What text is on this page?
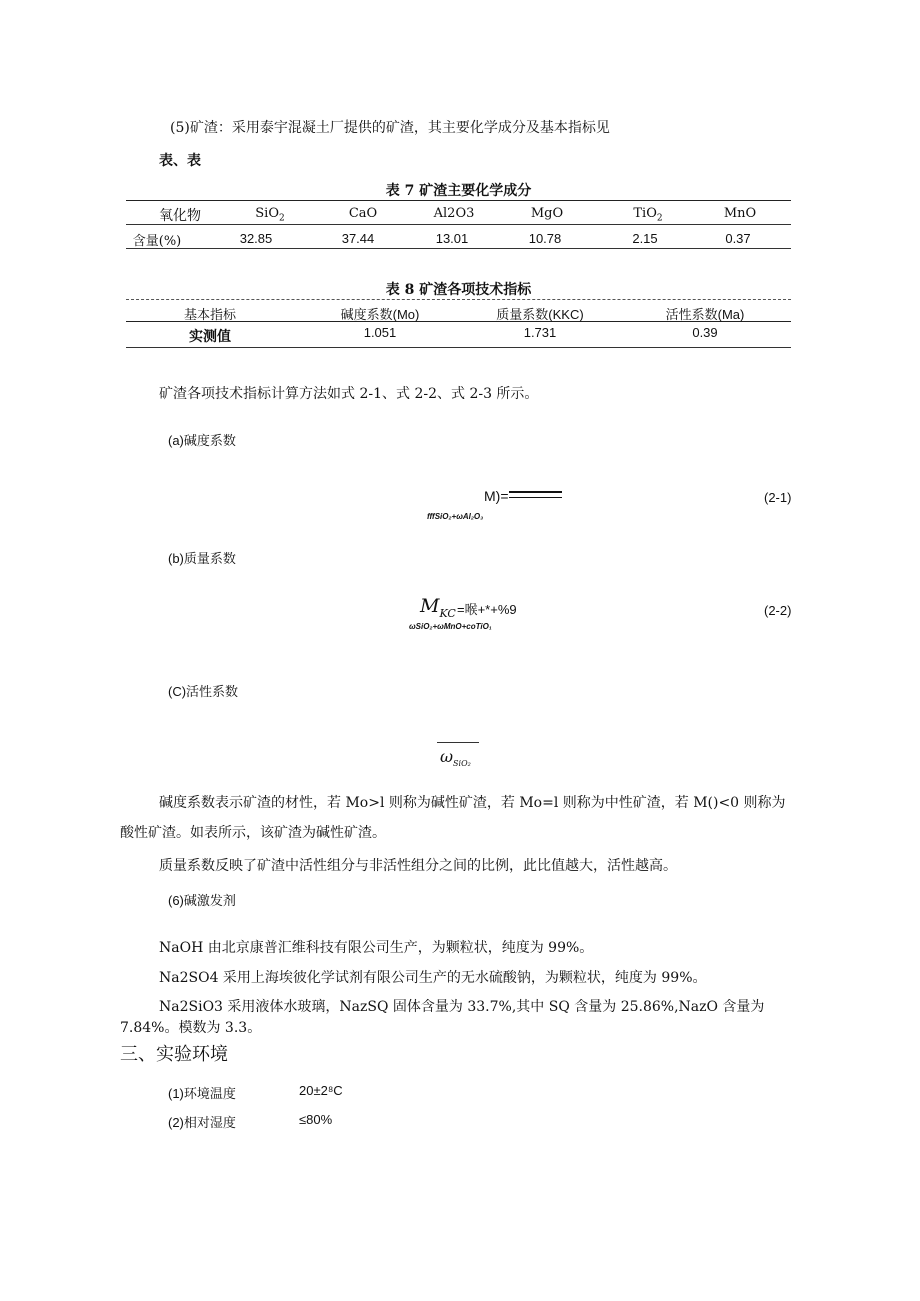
(5)矿渣：采用泰宇混凝土厂提供的矿渣，其主要化学成分及基本指标见
表、表
表 7 矿渣主要化学成分
氧化物	SiO$_2$	CaO	Al2O3	MgO	TiO$_2$	MnO
含量(%)	32.85	37.44	13.01	10.78	2.15	0.37
表 8 矿渣各项技术指标
基本指标	碱度系数(Mo)	质量系数(KKC)	活性系数(Ma)
实测值	1.051	1.731	0.39
矿渣各项技术指标计算方法如式 2-1、式 2-2、式 2-3 所示。
(a)碱度系数
M)=
fffSiO₂+ωAl₂O₃
(2-1)
(b)质量系数
$M_{KC}$ =喉+*+%9
ωSiO₂+ωMnO+coTiO₁
(2-2)
(C)活性系数
$\omega_{SiO_2}$
碱度系数表示矿渣的材性，若 Mo>l 则称为碱性矿渣，若 Mo=l 则称为中性矿渣，若 M()<0 则称为
酸性矿渣。如表所示，该矿渣为碱性矿渣。
质量系数反映了矿渣中活性组分与非活性组分之间的比例，此比值越大，活性越高。
(6)碱激发剂
NaOH 由北京康普汇维科技有限公司生产，为颗粒状，纯度为 99%。
Na2SO4 采用上海埃彼化学试剂有限公司生产的无水硫酸钠，为颗粒状，纯度为 99%。
Na2SiO3 采用液体水玻璃，NazSQ 固体含量为 33.7%,其中 SQ 含量为 25.86%,NazO 含量为
7.84%。模数为 3.3。
三、实验环境
(1)环境温度	20±2⁸C
(2)相对湿度	≤80%
